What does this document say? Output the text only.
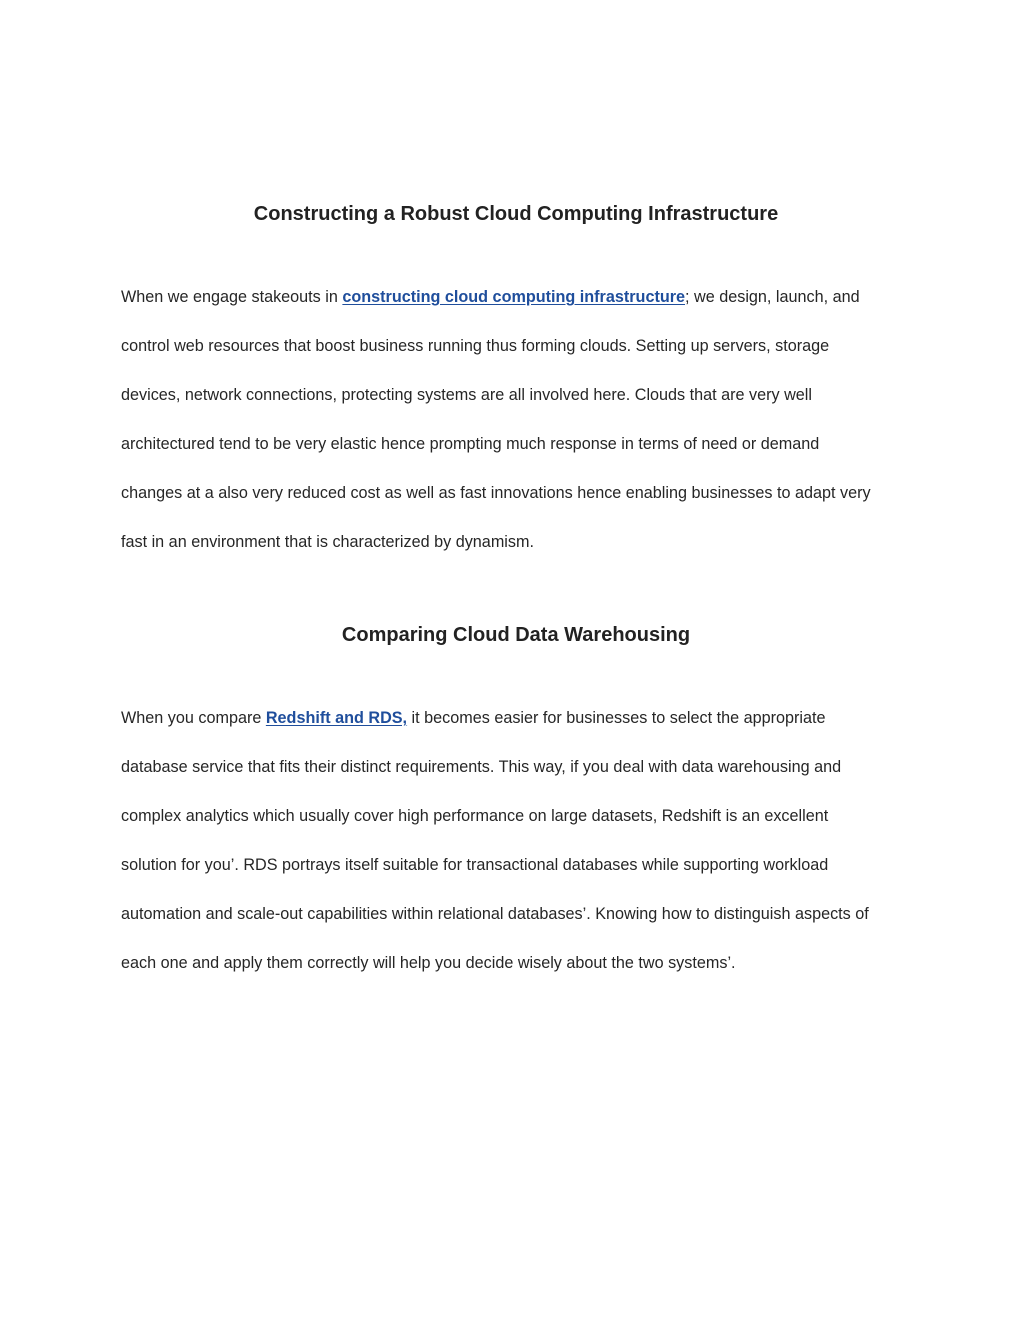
Constructing a Robust Cloud Computing Infrastructure

When we engage stakeouts in constructing cloud computing infrastructure; we design, launch, and
control web resources that boost business running thus forming clouds. Setting up servers, storage
devices, network connections, protecting systems are all involved here. Clouds that are very well
architectured tend to be very elastic hence prompting much response in terms of need or demand
changes at a also very reduced cost as well as fast innovations hence enabling businesses to adapt very
fast in an environment that is characterized by dynamism.

Comparing Cloud Data Warehousing

When you compare Redshift and RDS, it becomes easier for businesses to select the appropriate
database service that fits their distinct requirements. This way, if you deal with data warehousing and
complex analytics which usually cover high performance on large datasets, Redshift is an excellent
solution for you’. RDS portrays itself suitable for transactional databases while supporting workload
automation and scale-out capabilities within relational databases’. Knowing how to distinguish aspects of
each one and apply them correctly will help you decide wisely about the two systems’.
